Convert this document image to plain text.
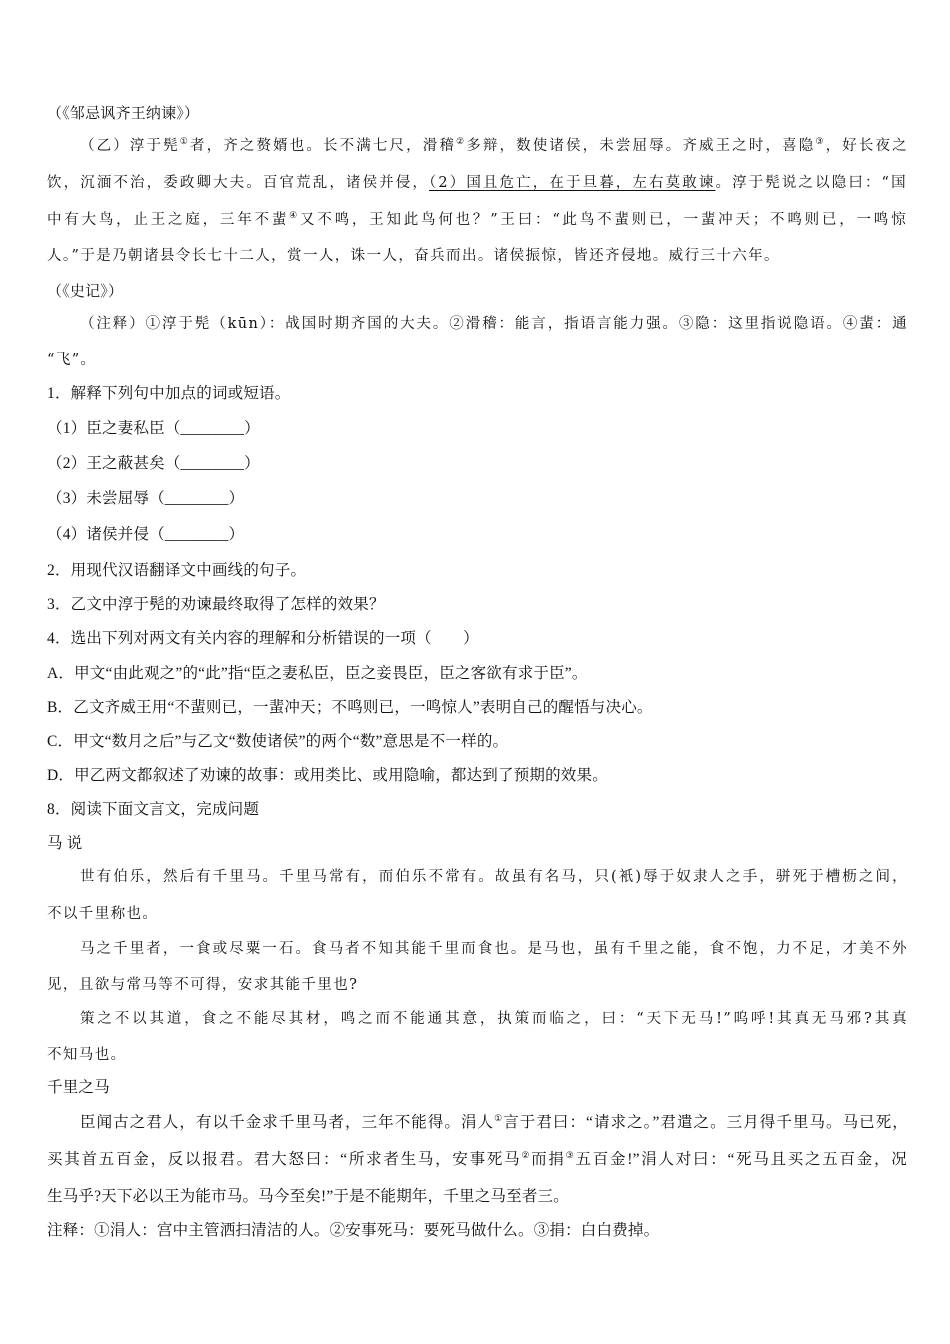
（《邹忌讽齐王纳谏》）
（乙）淳于髡①者，齐之赘婿也。长不满七尺，滑稽②多辩，数使诸侯，未尝屈辱。齐威王之时，喜隐③，好长夜之
饮，沉湎不治，委政卿大夫。百官荒乱，诸侯并侵，（2）国且危亡，在于旦暮，左右莫敢谏。淳于髡说之以隐曰：“国
中有大鸟，止王之庭，三年不蜚④又不鸣，王知此鸟何也？”王曰：“此鸟不蜚则已，一蜚冲天；不鸣则已，一鸣惊
人。”于是乃朝诸县令长七十二人，赏一人，诛一人，奋兵而出。诸侯振惊，皆还齐侵地。威行三十六年。
（《史记》）
（注释）①淳于髡（kūn）：战国时期齐国的大夫。②滑稽：能言，指语言能力强。③隐：这里指说隐语。④蜚：通
“飞”。
1．解释下列句中加点的词或短语。
（1）臣之妻私臣（________）
（2）王之蔽甚矣（________）
（3）未尝屈辱（________）
（4）诸侯并侵（________）
2．用现代汉语翻译文中画线的句子。
3．乙文中淳于髡的劝谏最终取得了怎样的效果？
4．选出下列对两文有关内容的理解和分析错误的一项（　　）
A．甲文“由此观之”的“此”指“臣之妻私臣，臣之妾畏臣，臣之客欲有求于臣”。
B．乙文齐威王用“不蜚则已，一蜚冲天；不鸣则已，一鸣惊人”表明自己的醒悟与决心。
C．甲文“数月之后”与乙文“数使诸侯”的两个“数”意思是不一样的。
D．甲乙两文都叙述了劝谏的故事：或用类比、或用隐喻，都达到了预期的效果。
8．阅读下面文言文，完成问题
马 说
世有伯乐，然后有千里马。千里马常有，而伯乐不常有。故虽有名马，只(衹)辱于奴隶人之手，骈死于槽枥之间，
不以千里称也。
马之千里者，一食或尽粟一石。食马者不知其能千里而食也。是马也，虽有千里之能，食不饱，力不足，才美不外
见，且欲与常马等不可得，安求其能千里也?
策之不以其道，食之不能尽其材，鸣之而不能通其意，执策而临之，曰：“天下无马!”呜呼!其真无马邪?其真
不知马也。
千里之马
臣闻古之君人，有以千金求千里马者，三年不能得。涓人①言于君曰：“请求之。”君遣之。三月得千里马。马已死，
买其首五百金，反以报君。君大怒曰：“所求者生马，安事死马②而捐③五百金!”涓人对曰：“死马且买之五百金，况
生马乎?天下必以王为能市马。马今至矣!”于是不能期年，千里之马至者三。
注释：①涓人：宫中主管洒扫清洁的人。②安事死马：要死马做什么。③捐：白白费掉。
